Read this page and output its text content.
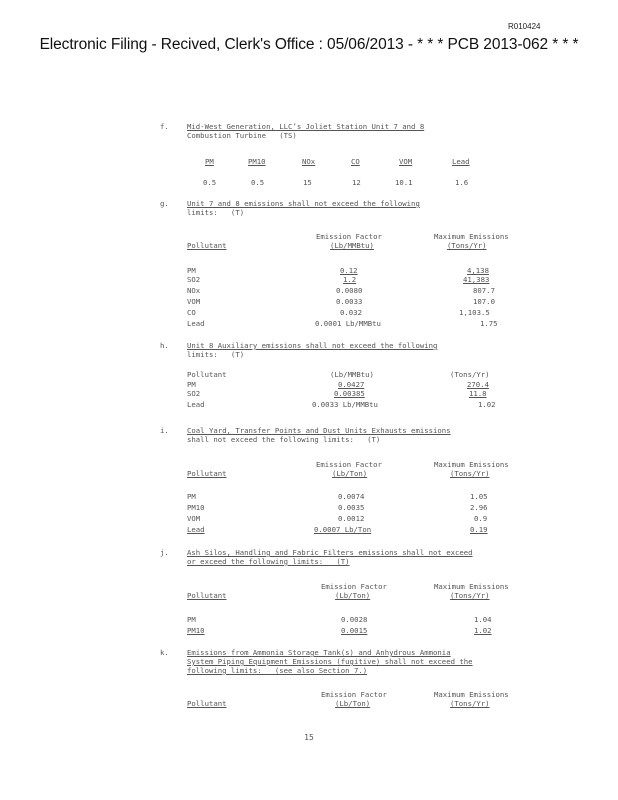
R010424
Electronic Filing - Recived, Clerk's Office : 05/06/2013 - * * * PCB 2013-062 * * *
f. Mid-West Generation, LLC’s Joliet Station Unit 7 and 8
Combustion Turbine   (TS)
PM	PM10	NOx	CO	VOM	Lead
0.5	0.5	15	12	10.1	1.6
g. Unit 7 and 8 emissions shall not exceed the following
limits:   (T)
Emission Factor	Maximum Emissions
Pollutant	(Lb/MMBtu)	(Tons/Yr)
PM	0.12	4,138
SO2	1.2	41,383
NOx	0.0080	807.7
VOM	0.0033	107.0
CO	0.032	1,103.5
Lead	0.0001 Lb/MMBtu	1.75
h. Unit 8 Auxiliary emissions shall not exceed the following
limits:   (T)
Pollutant	(Lb/MMBtu)	(Tons/Yr)
PM	0.0427	270.4
SO2	0.00385	11.8
Lead	0.0033 Lb/MMBtu	1.02
i. Coal Yard, Transfer Points and Dust Units Exhausts emissions
shall not exceed the following limits:   (T)
Emission Factor	Maximum Emissions
Pollutant	(Lb/Ton)	(Tons/Yr)
PM	0.0074	1.05
PM10	0.0035	2.96
VOM	0.0012	0.9
Lead	0.0007 Lb/Ton	0.19
j. Ash Silos, Handling and Fabric Filters emissions shall not exceed
or exceed the following limits:   (T)
Emission Factor	Maximum Emissions
Pollutant	(Lb/Ton)	(Tons/Yr)
PM	0.0028	1.04
PM10	0.0015	1.02
k. Emissions from Ammonia Storage Tank(s) and Anhydrous Ammonia
System Piping Equipment Emissions (fugitive) shall not exceed the
following limits:   (see also Section 7.)
Emission Factor	Maximum Emissions
Pollutant	(Lb/Ton)	(Tons/Yr)
15
